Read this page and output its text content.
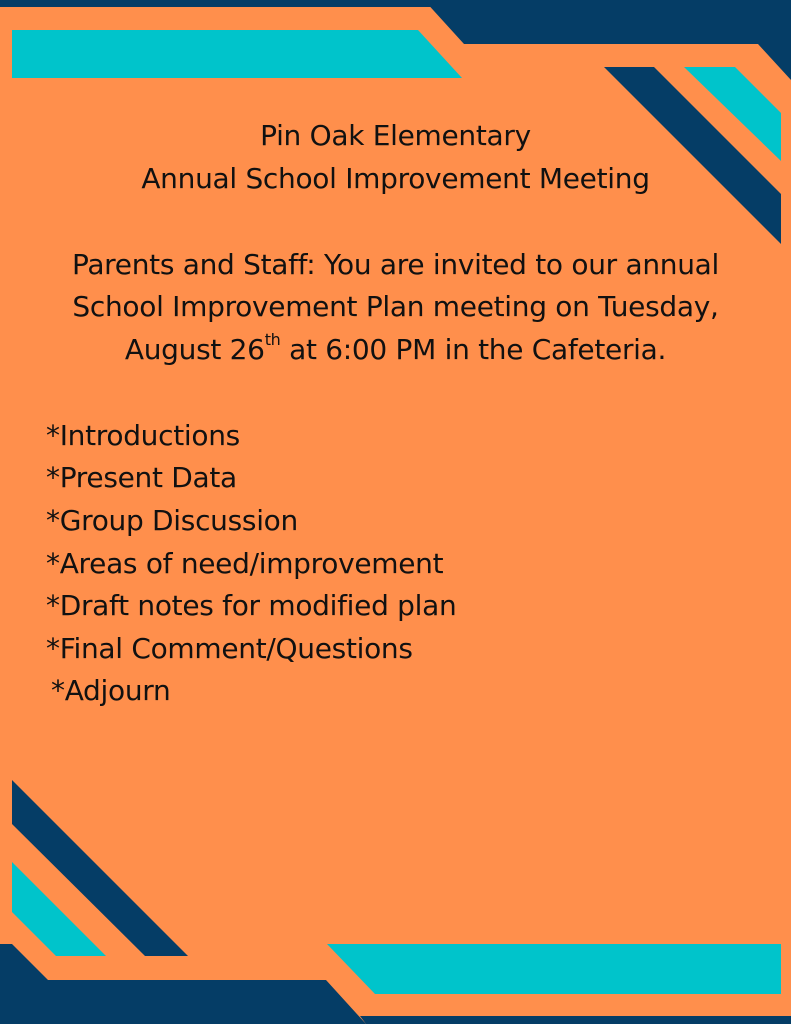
Pin Oak Elementary
Annual School Improvement Meeting
Parents and Staff: You are invited to our annual
School Improvement Plan meeting on Tuesday,
August 26th at 6:00 PM in the Cafeteria.
*Introductions
*Present Data
*Group Discussion
*Areas of need/improvement
*Draft notes for modified plan
*Final Comment/Questions
*Adjourn
